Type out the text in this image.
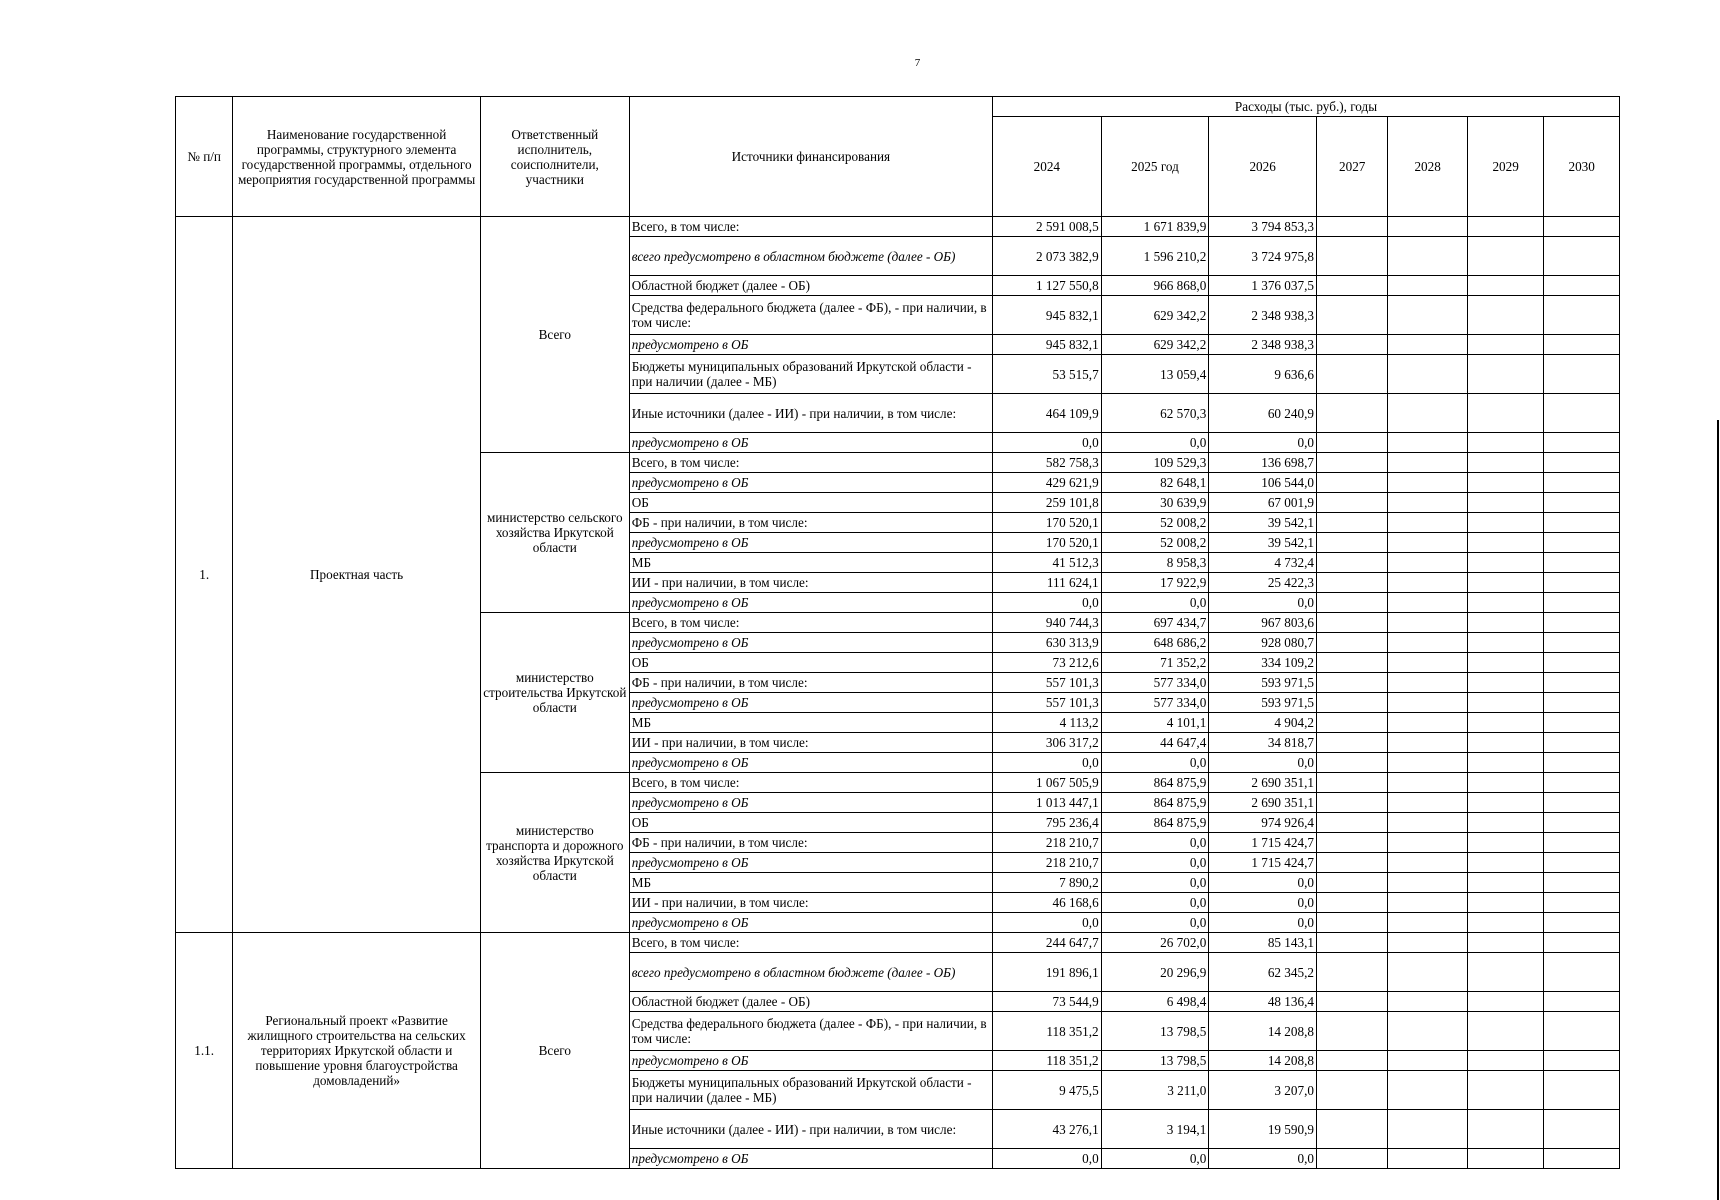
7
№ п/п	Наименование государственной программы, структурного элемента государственной программы, отдельного мероприятия государственной программы	Ответственный исполнитель, соисполнители, участники	Источники финансирования	Расходы (тыс. руб.), годы						
				2024	2025 год	2026	2027	2028	2029	2030
1.	Проектная часть	Всего	Всего, в том числе:	2 591 008,5	1 671 839,9	3 794 853,3				
			всего предусмотрено в областном бюджете (далее - ОБ)	2 073 382,9	1 596 210,2	3 724 975,8				
			Областной бюджет (далее - ОБ)	1 127 550,8	966 868,0	1 376 037,5				
			Средства федерального бюджета (далее - ФБ), - при наличии, в том числе:	945 832,1	629 342,2	2 348 938,3				
			предусмотрено в ОБ	945 832,1	629 342,2	2 348 938,3				
			Бюджеты муниципальных образований Иркутской области - при наличии (далее - МБ)	53 515,7	13 059,4	9 636,6				
			Иные источники (далее - ИИ) - при наличии, в том числе:	464 109,9	62 570,3	60 240,9				
			предусмотрено в ОБ	0,0	0,0	0,0				
		министерство сельского хозяйства Иркутской области	Всего, в том числе:	582 758,3	109 529,3	136 698,7				
			предусмотрено в ОБ	429 621,9	82 648,1	106 544,0				
			ОБ	259 101,8	30 639,9	67 001,9				
			ФБ - при наличии, в том числе:	170 520,1	52 008,2	39 542,1				
			предусмотрено в ОБ	170 520,1	52 008,2	39 542,1				
			МБ	41 512,3	8 958,3	4 732,4				
			ИИ - при наличии, в том числе:	111 624,1	17 922,9	25 422,3				
			предусмотрено в ОБ	0,0	0,0	0,0				
		министерство строительства Иркутской области	Всего, в том числе:	940 744,3	697 434,7	967 803,6				
			предусмотрено в ОБ	630 313,9	648 686,2	928 080,7				
			ОБ	73 212,6	71 352,2	334 109,2				
			ФБ - при наличии, в том числе:	557 101,3	577 334,0	593 971,5				
			предусмотрено в ОБ	557 101,3	577 334,0	593 971,5				
			МБ	4 113,2	4 101,1	4 904,2				
			ИИ - при наличии, в том числе:	306 317,2	44 647,4	34 818,7				
			предусмотрено в ОБ	0,0	0,0	0,0				
		министерство транспорта и дорожного хозяйства Иркутской области	Всего, в том числе:	1 067 505,9	864 875,9	2 690 351,1				
			предусмотрено в ОБ	1 013 447,1	864 875,9	2 690 351,1				
			ОБ	795 236,4	864 875,9	974 926,4				
			ФБ - при наличии, в том числе:	218 210,7	0,0	1 715 424,7				
			предусмотрено в ОБ	218 210,7	0,0	1 715 424,7				
			МБ	7 890,2	0,0	0,0				
			ИИ - при наличии, в том числе:	46 168,6	0,0	0,0				
			предусмотрено в ОБ	0,0	0,0	0,0				
1.1.	Региональный проект «Развитие жилищного строительства на сельских территориях Иркутской области и повышение уровня благоустройства домовладений»	Всего	Всего, в том числе:	244 647,7	26 702,0	85 143,1				
			всего предусмотрено в областном бюджете (далее - ОБ)	191 896,1	20 296,9	62 345,2				
			Областной бюджет (далее - ОБ)	73 544,9	6 498,4	48 136,4				
			Средства федерального бюджета (далее - ФБ), - при наличии, в том числе:	118 351,2	13 798,5	14 208,8				
			предусмотрено в ОБ	118 351,2	13 798,5	14 208,8				
			Бюджеты муниципальных образований Иркутской области - при наличии (далее - МБ)	9 475,5	3 211,0	3 207,0				
			Иные источники (далее - ИИ) - при наличии, в том числе:	43 276,1	3 194,1	19 590,9				
			предусмотрено в ОБ	0,0	0,0	0,0				
